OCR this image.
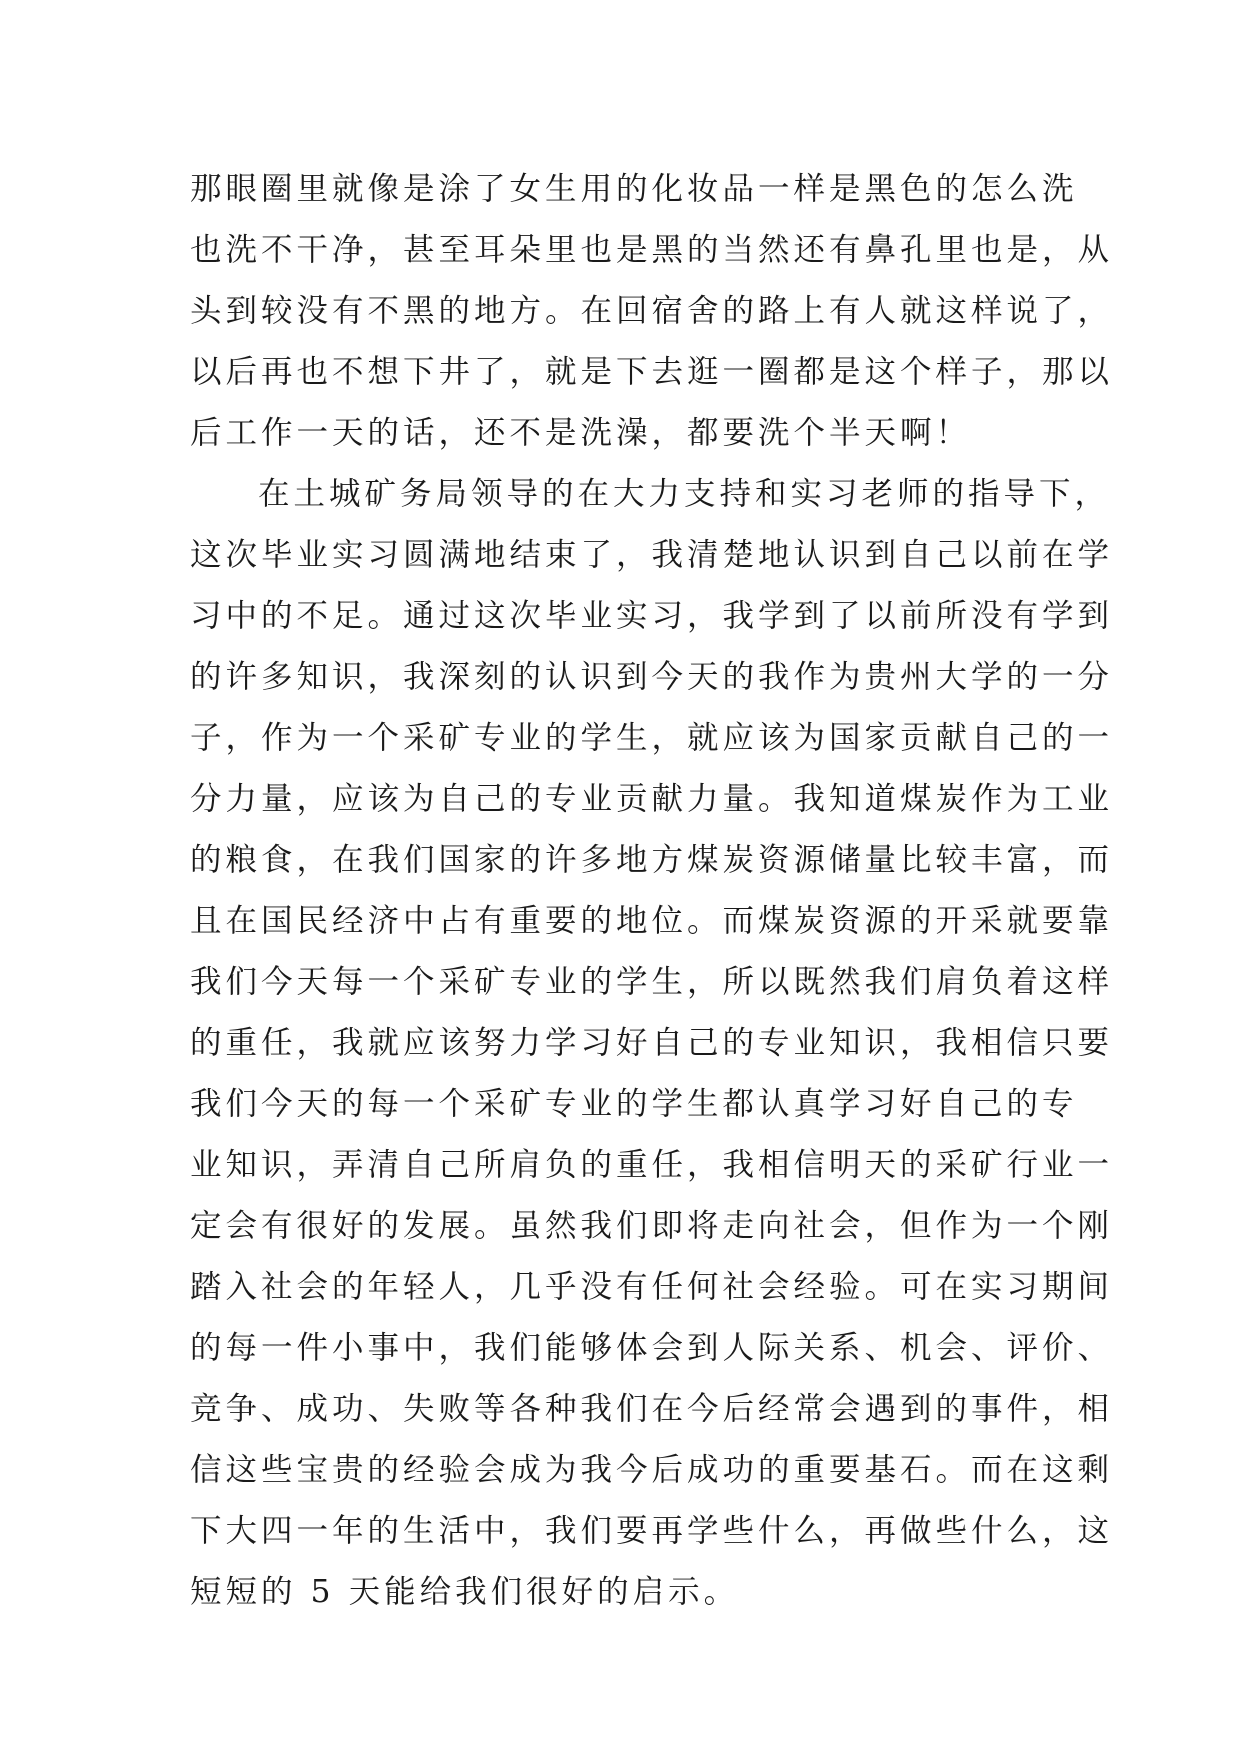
那眼圈里就像是涂了女生用的化妆品一样是黑色的怎么洗
也洗不干净，甚至耳朵里也是黑的当然还有鼻孔里也是，从
头到较没有不黑的地方。在回宿舍的路上有人就这样说了，
以后再也不想下井了，就是下去逛一圈都是这个样子，那以
后工作一天的话，还不是洗澡，都要洗个半天啊！
在土城矿务局领导的在大力支持和实习老师的指导下，
这次毕业实习圆满地结束了，我清楚地认识到自己以前在学
习中的不足。通过这次毕业实习，我学到了以前所没有学到
的许多知识，我深刻的认识到今天的我作为贵州大学的一分
子，作为一个采矿专业的学生，就应该为国家贡献自己的一
分力量，应该为自己的专业贡献力量。我知道煤炭作为工业
的粮食，在我们国家的许多地方煤炭资源储量比较丰富，而
且在国民经济中占有重要的地位。而煤炭资源的开采就要靠
我们今天每一个采矿专业的学生，所以既然我们肩负着这样
的重任，我就应该努力学习好自己的专业知识，我相信只要
我们今天的每一个采矿专业的学生都认真学习好自己的专
业知识，弄清自己所肩负的重任，我相信明天的采矿行业一
定会有很好的发展。虽然我们即将走向社会，但作为一个刚
踏入社会的年轻人，几乎没有任何社会经验。可在实习期间
的每一件小事中，我们能够体会到人际关系、机会、评价、
竞争、成功、失败等各种我们在今后经常会遇到的事件，相
信这些宝贵的经验会成为我今后成功的重要基石。而在这剩
下大四一年的生活中，我们要再学些什么，再做些什么，这
短短的 5 天能给我们很好的启示。
